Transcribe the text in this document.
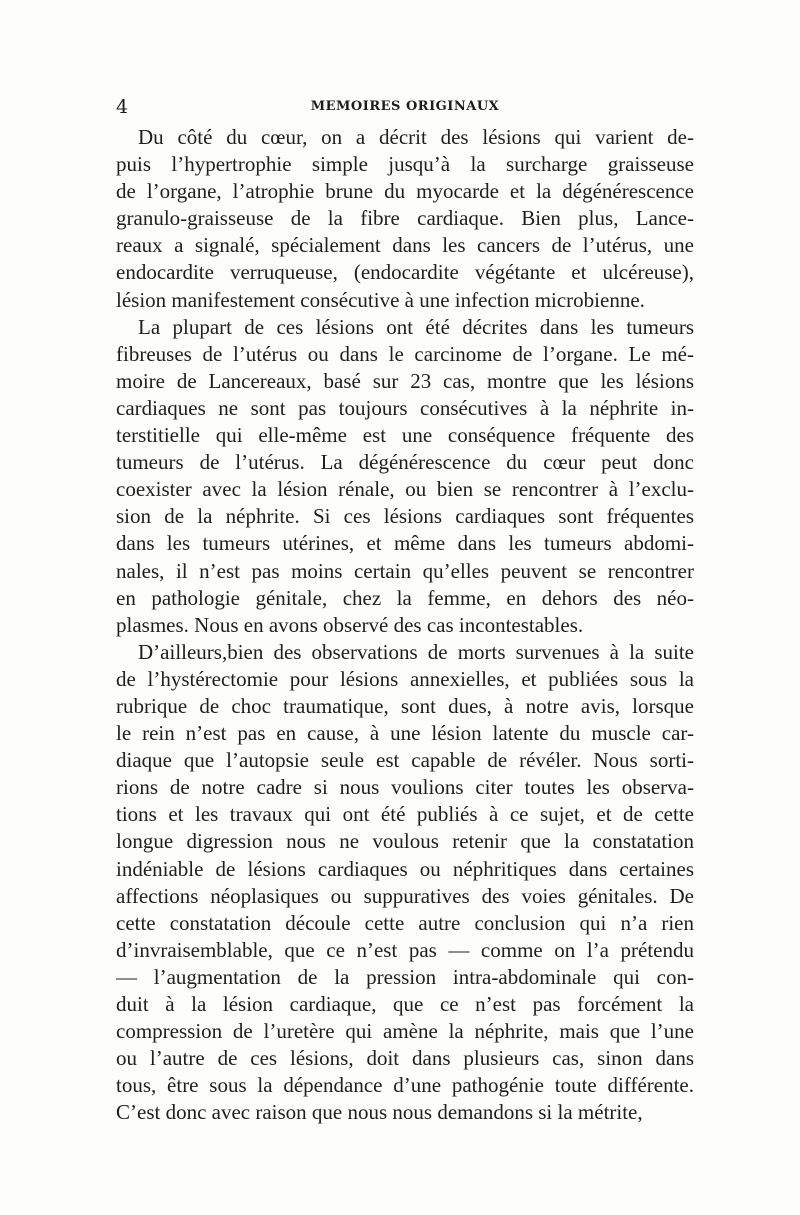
4	MEMOIRES ORIGINAUX
Du côté du cœur, on a décrit des lésions qui varient de-
puis l’hypertrophie simple jusqu’à la surcharge graisseuse
de l’organe, l’atrophie brune du myocarde et la dégénérescence
granulo-graisseuse de la fibre cardiaque. Bien plus, Lance-
reaux a signalé, spécialement dans les cancers de l’utérus, une
endocardite verruqueuse, (endocardite végétante et ulcéreuse),
lésion manifestement consécutive à une infection microbienne.
La plupart de ces lésions ont été décrites dans les tumeurs
fibreuses de l’utérus ou dans le carcinome de l’organe. Le mé-
moire de Lancereaux, basé sur 23 cas, montre que les lésions
cardiaques ne sont pas toujours consécutives à la néphrite in-
terstitielle qui elle-même est une conséquence fréquente des
tumeurs de l’utérus. La dégénérescence du cœur peut donc
coexister avec la lésion rénale, ou bien se rencontrer à l’exclu-
sion de la néphrite. Si ces lésions cardiaques sont fréquentes
dans les tumeurs utérines, et même dans les tumeurs abdomi-
nales, il n’est pas moins certain qu’elles peuvent se rencontrer
en pathologie génitale, chez la femme, en dehors des néo-
plasmes. Nous en avons observé des cas incontestables.
D’ailleurs,bien des observations de morts survenues à la suite
de l’hystérectomie pour lésions annexielles, et publiées sous la
rubrique de choc traumatique, sont dues, à notre avis, lorsque
le rein n’est pas en cause, à une lésion latente du muscle car-
diaque que l’autopsie seule est capable de révéler. Nous sorti-
rions de notre cadre si nous voulions citer toutes les observa-
tions et les travaux qui ont été publiés à ce sujet, et de cette
longue digression nous ne voulous retenir que la constatation
indéniable de lésions cardiaques ou néphritiques dans certaines
affections néoplasiques ou suppuratives des voies génitales. De
cette constatation découle cette autre conclusion qui n’a rien
d’invraisemblable, que ce n’est pas — comme on l’a prétendu
— l’augmentation de la pression intra-abdominale qui con-
duit à la lésion cardiaque, que ce n’est pas forcément la
compression de l’uretère qui amène la néphrite, mais que l’une
ou l’autre de ces lésions, doit dans plusieurs cas, sinon dans
tous, être sous la dépendance d’une pathogénie toute différente.
C’est donc avec raison que nous nous demandons si la métrite,
